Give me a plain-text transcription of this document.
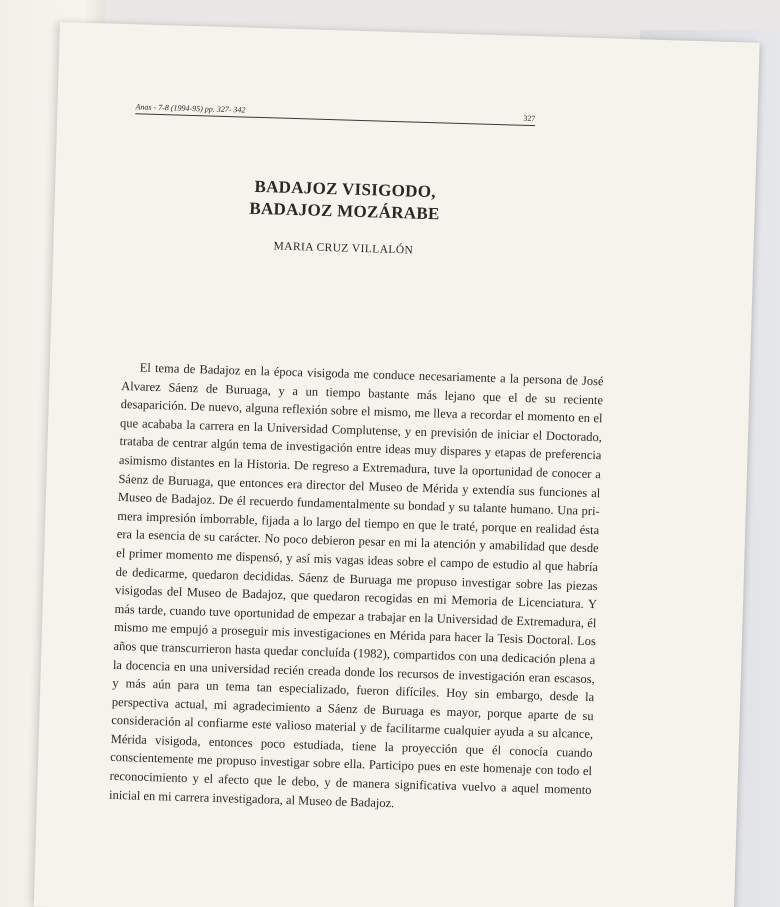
Anas - 7-8 (1994-95) pp. 327- 342
327
BADAJOZ VISIGODO,
BADAJOZ MOZÁRABE
MARIA CRUZ VILLALÓN

El tema de Badajoz en la época visigoda me conduce necesariamente a la persona de José Alvarez Sáenz de Buruaga, y a un tiempo bastante más lejano que el de su reciente desaparición. De nuevo, alguna reflexión sobre el mismo, me lleva a recordar el momento en el que acababa la carrera en la Universidad Complutense, y en previsión de iniciar el Doctorado, trataba de centrar algún tema de investigación entre ideas muy dispares y etapas de preferencia asimismo distantes en la Historia. De regreso a Extremadura, tuve la oportunidad de conocer a Sáenz de Buruaga, que entonces era director del Museo de Mérida y extendía sus funciones al Museo de Badajoz. De él recuerdo fundamentalmente su bondad y su talante humano. Una primera impresión imborrable, fijada a lo largo del tiempo en que le traté, porque en realidad ésta era la esencia de su carácter. No poco debieron pesar en mi la atención y amabilidad que desde el primer momento me dispensó, y así mis vagas ideas sobre el campo de estudio al que habría de dedicarme, quedaron decididas. Sáenz de Buruaga me propuso investigar sobre las piezas visigodas del Museo de Badajoz, que quedaron recogidas en mi Memoria de Licenciatura. Y más tarde, cuando tuve oportunidad de empezar a trabajar en la Universidad de Extremadura, él mismo me empujó a proseguir mis investigaciones en Mérida para hacer la Tesis Doctoral. Los años que transcurrieron hasta quedar concluída (1982), compartidos con una dedicación plena a la docencia en una universidad recién creada donde los recursos de investigación eran escasos, y más aún para un tema tan especializado, fueron difíciles. Hoy sin embargo, desde la perspectiva actual, mi agradecimiento a Sáenz de Buruaga es mayor, porque aparte de su consideración al confiarme este valioso material y de facilitarme cualquier ayuda a su alcance, Mérida visigoda, entonces poco estudiada, tiene la proyección que él conocía cuando conscientemente me propuso investigar sobre ella. Participo pues en este homenaje con todo el reconocimiento y el afecto que le debo, y de manera significativa vuelvo a aquel momento inicial en mi carrera investigadora, al Museo de Badajoz.
